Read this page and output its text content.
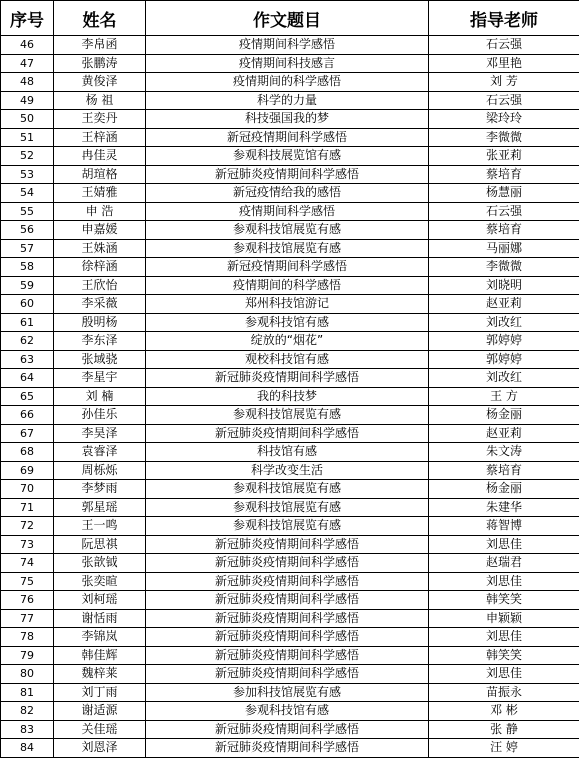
序号	姓名	作文题目	指导老师
46	李帛函	疫情期间科学感悟	石云强
47	张鹏涛	疫情期间科技感言	邓里艳
48	黄俊泽	疫情期间的科学感悟	刘 芳
49	杨 祖	科学的力量	石云强
50	王奕丹	科技强国我的梦	梁玲玲
51	王梓涵	新冠疫情期间科学感悟	李微微
52	冉佳灵	参观科技展览馆有感	张亚莉
53	胡瑄格	新冠肺炎疫情期间科学感悟	蔡培育
54	王婧雅	新冠疫情给我的感悟	杨慧丽
55	申 浩	疫情期间科学感悟	石云强
56	申嘉媛	参观科技馆展览有感	蔡培育
57	王姝涵	参观科技馆展览有感	马丽娜
58	徐梓涵	新冠疫情期间科学感悟	李微微
59	王欣怡	疫情期间的科学感悟	刘晓明
60	李采薇	郑州科技馆游记	赵亚莉
61	殷明杨	参观科技馆有感	刘改红
62	李东泽	绽放的“烟花”	郭婷婷
63	张域骁	观校科技馆有感	郭婷婷
64	李星宇	新冠肺炎疫情期间科学感悟	刘改红
65	刘 楠	我的科技梦	王 方
66	孙佳乐	参观科技馆展览有感	杨金丽
67	李昊泽	新冠肺炎疫情期间科学感悟	赵亚莉
68	袁睿泽	科技馆有感	朱文涛
69	周栎烁	科学改变生活	蔡培育
70	李梦雨	参观科技馆展览有感	杨金丽
71	郭星瑶	参观科技馆展览有感	朱建华
72	王一鸣	参观科技馆展览有感	蒋智博
73	阮思祺	新冠肺炎疫情期间科学感悟	刘思佳
74	张歆钺	新冠肺炎疫情期间科学感悟	赵瑞君
75	张奕暄	新冠肺炎疫情期间科学感悟	刘思佳
76	刘柯瑶	新冠肺炎疫情期间科学感悟	韩笑笑
77	谢恬雨	新冠肺炎疫情期间科学感悟	申颖颖
78	李锦岚	新冠肺炎疫情期间科学感悟	刘思佳
79	韩佳辉	新冠肺炎疫情期间科学感悟	韩笑笑
80	魏梓莱	新冠肺炎疫情期间科学感悟	刘思佳
81	刘丁雨	参加科技馆展览有感	苗振永
82	谢适源	参观科技馆有感	邓 彬
83	关佳瑶	新冠肺炎疫情期间科学感悟	张 静
84	刘恩泽	新冠肺炎疫情期间科学感悟	汪 婷
